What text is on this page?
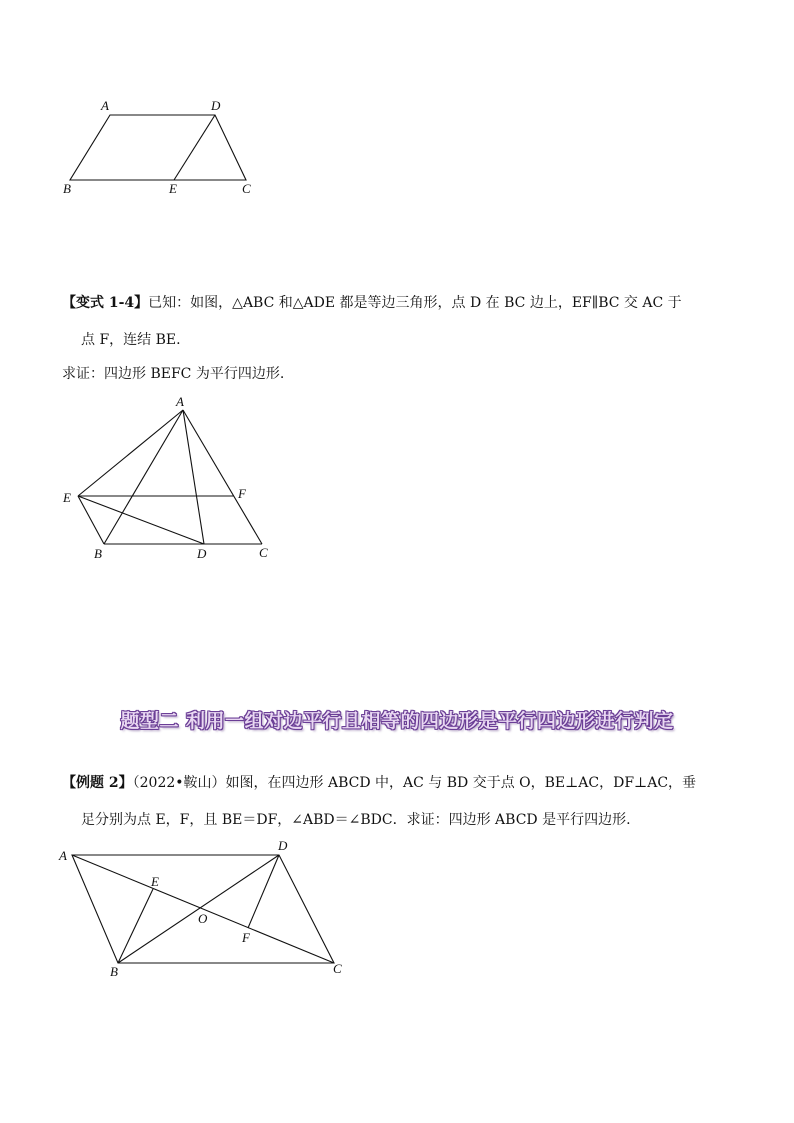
A	D
B	E	C
【变式 1-4】已知：如图，△ABC 和△ADE 都是等边三角形，点 D 在 BC 边上，EF∥BC 交 AC 于
点 F，连结 BE.
求证：四边形 BEFC 为平行四边形.
A
E	F
B	D	C
题型二 利用一组对边平行且相等的四边形是平行四边形进行判定
【例题 2】（2022•鞍山）如图，在四边形 ABCD 中，AC 与 BD 交于点 O，BE⊥AC，DF⊥AC，垂
足分别为点 E，F，且 BE＝DF，∠ABD＝∠BDC．求证：四边形 ABCD 是平行四边形.
A
D
E
O
F
B	C
